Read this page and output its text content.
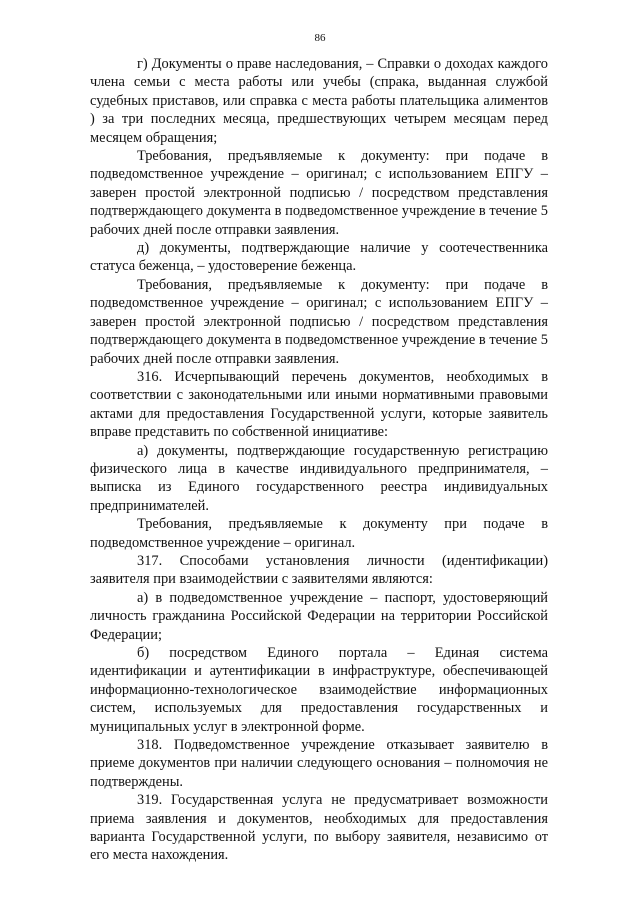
86

г) Документы о праве наследования, – Справки о доходах каждого члена семьи с места работы или учебы (спрака, выданная службой судебных приставов, или справка с места работы плательщика алиментов ) за три последних месяца, предшествующих четырем месяцам перед месяцем обращения;

Требования, предъявляемые к документу: при подаче в подведомственное учреждение – оригинал; с использованием ЕПГУ – заверен простой электронной подписью / посредством представления подтверждающего документа в подведомственное учреждение в течение 5 рабочих дней после отправки заявления.

д) документы, подтверждающие наличие у соотечественника статуса беженца, – удостоверение беженца.

Требования, предъявляемые к документу: при подаче в подведомственное учреждение – оригинал; с использованием ЕПГУ – заверен простой электронной подписью / посредством представления подтверждающего документа в подведомственное учреждение в течение 5 рабочих дней после отправки заявления.

316. Исчерпывающий перечень документов, необходимых в соответствии с законодательными или иными нормативными правовыми актами для предоставления Государственной услуги, которые заявитель вправе представить по собственной инициативе:

а) документы, подтверждающие государственную регистрацию физического лица в качестве индивидуального предпринимателя, – выписка из Единого государственного реестра индивидуальных предпринимателей.

Требования, предъявляемые к документу при подаче в подведомственное учреждение – оригинал.

317. Способами установления личности (идентификации) заявителя при взаимодействии с заявителями являются:

а) в подведомственное учреждение – паспорт, удостоверяющий личность гражданина Российской Федерации на территории Российской Федерации;

б) посредством Единого портала – Единая система идентификации и аутентификации в инфраструктуре, обеспечивающей информационно-технологическое взаимодействие информационных систем, используемых для предоставления государственных и муниципальных услуг в электронной форме.

318. Подведомственное учреждение отказывает заявителю в приеме документов при наличии следующего основания – полномочия не подтверждены.

319. Государственная услуга не предусматривает возможности приема заявления и документов, необходимых для предоставления варианта Государственной услуги, по выбору заявителя, независимо от его места нахождения.
